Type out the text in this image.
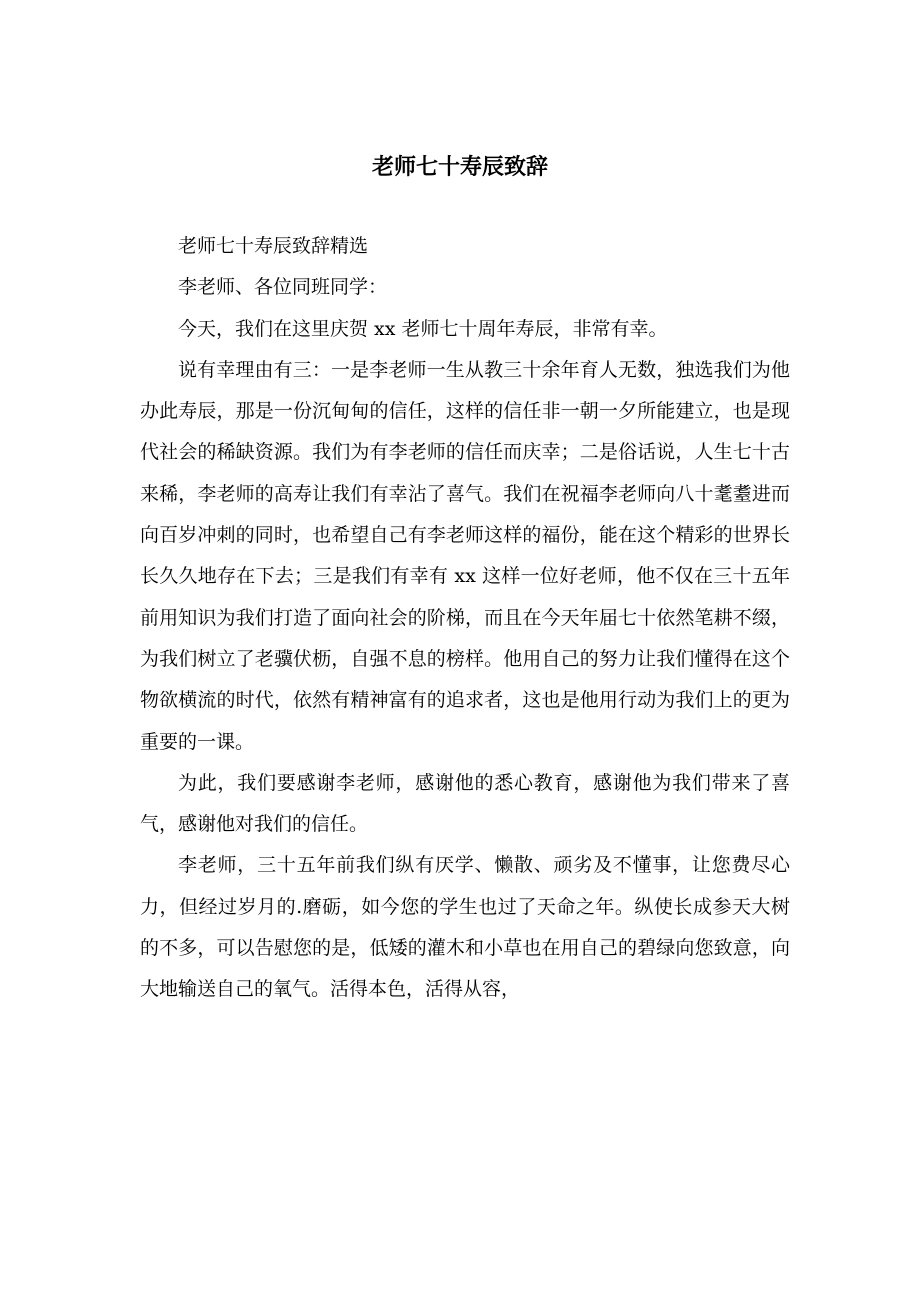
老师七十寿辰致辞

老师七十寿辰致辞精选

李老师、各位同班同学：

今天，我们在这里庆贺 xx 老师七十周年寿辰，非常有幸。

说有幸理由有三：一是李老师一生从教三十余年育人无数，独选我们为他办此寿辰，那是一份沉甸甸的信任，这样的信任非一朝一夕所能建立，也是现代社会的稀缺资源。我们为有李老师的信任而庆幸；二是俗话说，人生七十古来稀，李老师的高寿让我们有幸沾了喜气。我们在祝福李老师向八十耄耋进而向百岁冲刺的同时，也希望自己有李老师这样的福份，能在这个精彩的世界长长久久地存在下去；三是我们有幸有 xx 这样一位好老师，他不仅在三十五年前用知识为我们打造了面向社会的阶梯，而且在今天年届七十依然笔耕不缀，为我们树立了老骥伏枥，自强不息的榜样。他用自己的努力让我们懂得在这个物欲横流的时代，依然有精神富有的追求者，这也是他用行动为我们上的更为重要的一课。

为此，我们要感谢李老师，感谢他的悉心教育，感谢他为我们带来了喜气，感谢他对我们的信任。

李老师，三十五年前我们纵有厌学、懒散、顽劣及不懂事，让您费尽心力，但经过岁月的.磨砺，如今您的学生也过了天命之年。纵使长成参天大树的不多，可以告慰您的是，低矮的灌木和小草也在用自己的碧绿向您致意，向大地输送自己的氧气。活得本色，活得从容，
